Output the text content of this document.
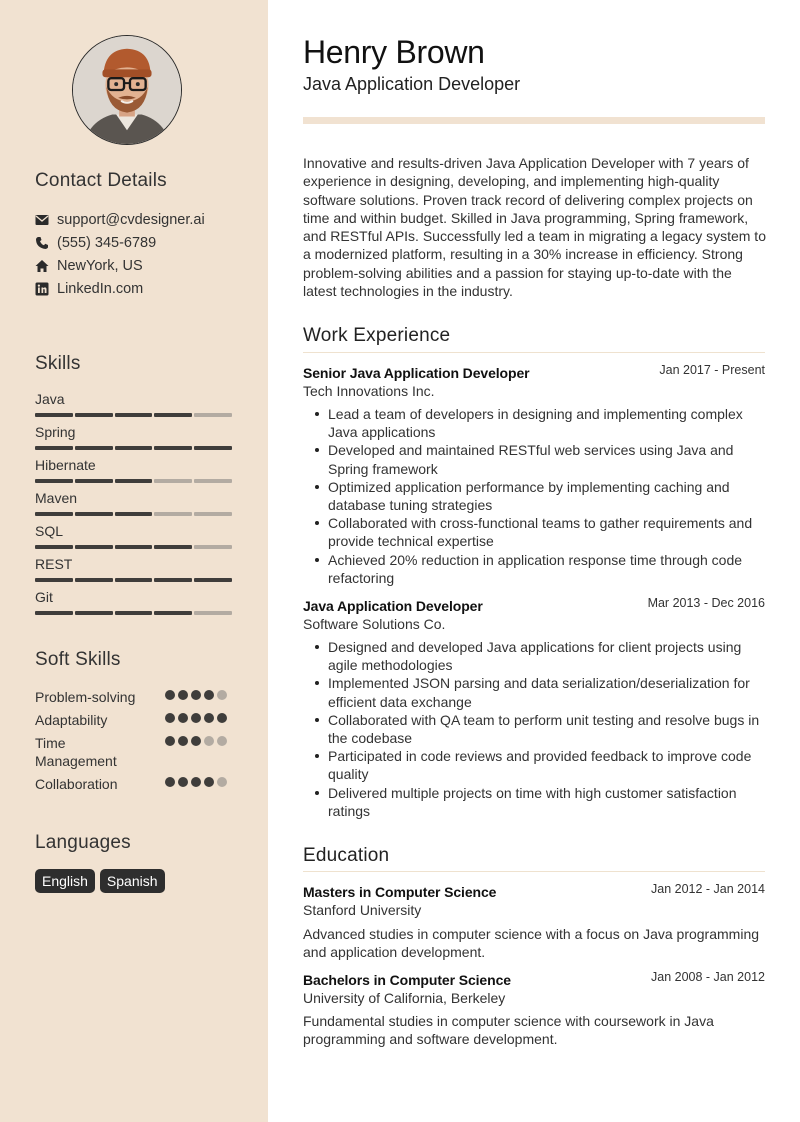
Contact Details
support@cvdesigner.ai
(555) 345-6789
NewYork, US
LinkedIn.com
Skills
Java
Spring
Hibernate
Maven
SQL
REST
Git
Soft Skills
Problem-solving
Adaptability
Time Management
Collaboration
Languages
English	Spanish
Henry Brown
Java Application Developer

Innovative and results-driven Java Application Developer with 7 years of experience in designing, developing, and implementing high-quality software solutions. Proven track record of delivering complex projects on time and within budget. Skilled in Java programming, Spring framework, and RESTful APIs. Successfully led a team in migrating a legacy system to a modernized platform, resulting in a 30% increase in efficiency. Strong problem-solving abilities and a passion for staying up-to-date with the latest technologies in the industry.

Work Experience
Senior Java Application Developer	Jan 2017 - Present
Tech Innovations Inc.
Lead a team of developers in designing and implementing complex Java applications
Developed and maintained RESTful web services using Java and Spring framework
Optimized application performance by implementing caching and database tuning strategies
Collaborated with cross-functional teams to gather requirements and provide technical expertise
Achieved 20% reduction in application response time through code refactoring
Java Application Developer	Mar 2013 - Dec 2016
Software Solutions Co.
Designed and developed Java applications for client projects using agile methodologies
Implemented JSON parsing and data serialization/deserialization for efficient data exchange
Collaborated with QA team to perform unit testing and resolve bugs in the codebase
Participated in code reviews and provided feedback to improve code quality
Delivered multiple projects on time with high customer satisfaction ratings
Education
Masters in Computer Science	Jan 2012 - Jan 2014
Stanford University

Advanced studies in computer science with a focus on Java programming and application development.

Bachelors in Computer Science	Jan 2008 - Jan 2012
University of California, Berkeley

Fundamental studies in computer science with coursework in Java programming and software development.
